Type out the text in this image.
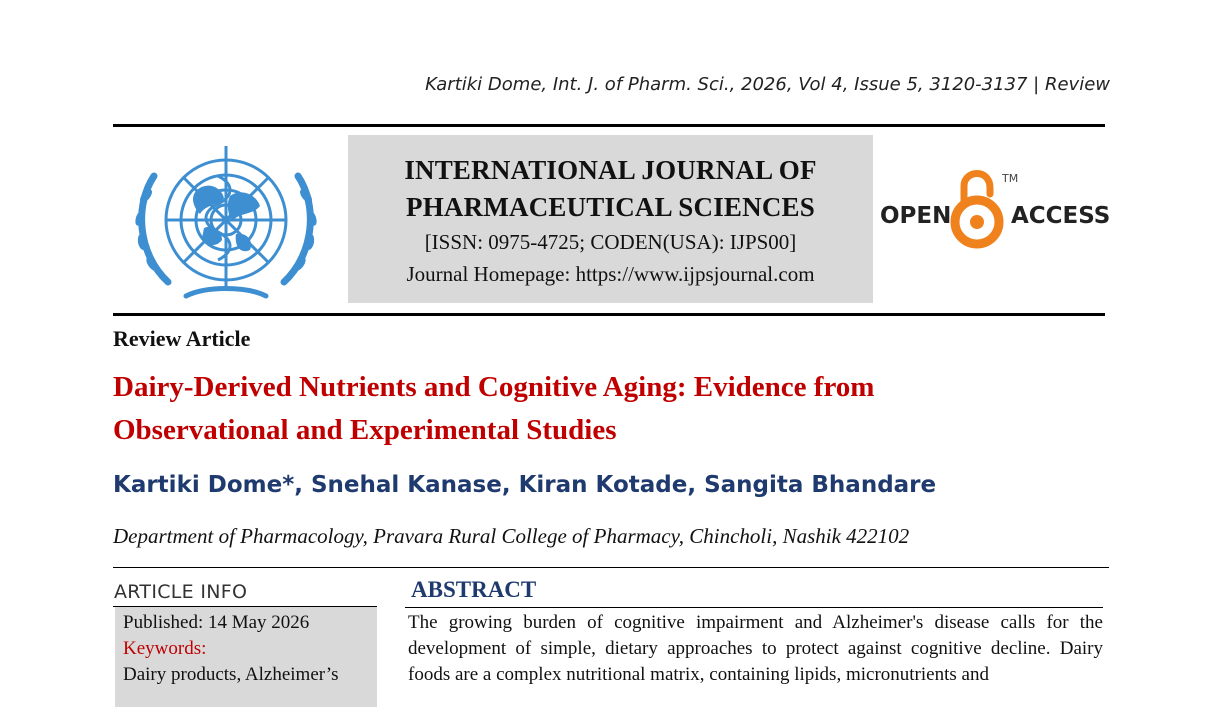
Kartiki Dome, Int. J. of Pharm. Sci., 2026, Vol 4, Issue 5, 3120-3137 | Review
INTERNATIONAL JOURNAL OF
PHARMACEUTICAL SCIENCES
[ISSN: 0975-4725; CODEN(USA): IJPS00]
Journal Homepage: https://www.ijpsjournal.com
OPEN
TM
ACCESS
Review Article
Dairy-Derived Nutrients and Cognitive Aging: Evidence from
Observational and Experimental Studies
Kartiki Dome*, Snehal Kanase, Kiran Kotade, Sangita Bhandare
Department of Pharmacology, Pravara Rural College of Pharmacy, Chincholi, Nashik 422102
ARTICLE INFO
Published: 14 May 2026
Keywords:
Dairy products, Alzheimer’s
ABSTRACT
The growing burden of cognitive impairment and Alzheimer's disease calls for the development of simple, dietary approaches to protect against cognitive decline. Dairy foods are a complex nutritional matrix, containing lipids, micronutrients and
